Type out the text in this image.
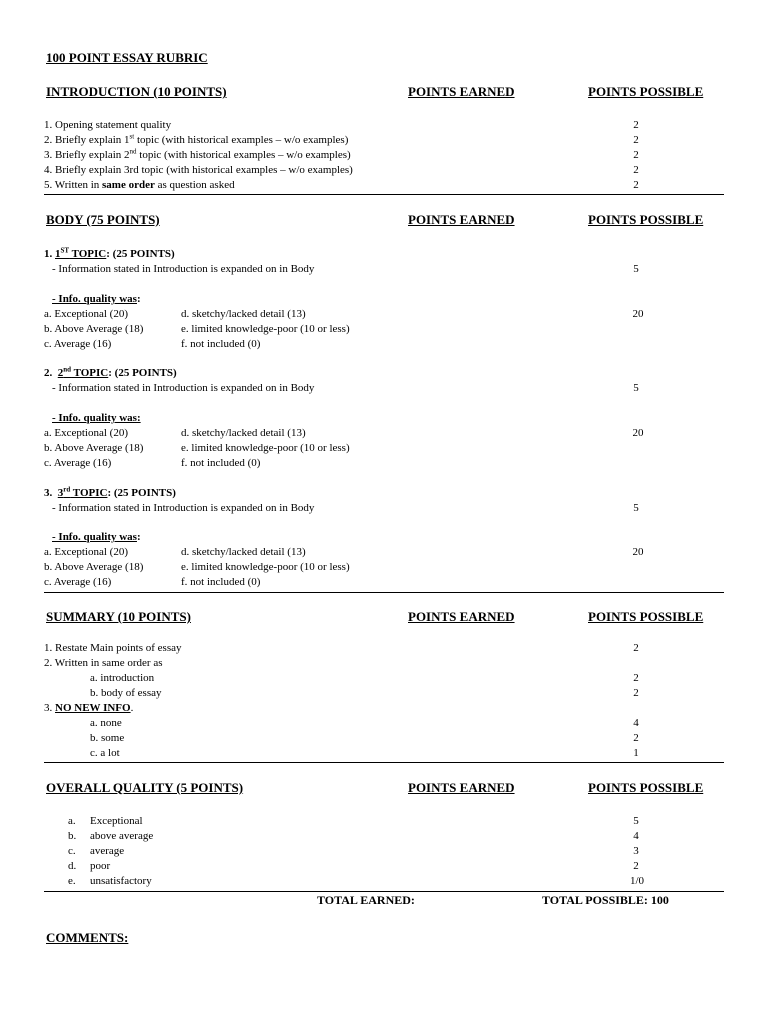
100 POINT ESSAY RUBRIC
INTRODUCTION (10 POINTS)	POINTS EARNED	POINTS POSSIBLE
1. Opening statement quality	2
2. Briefly explain 1st topic (with historical examples – w/o examples)	2
3. Briefly explain 2nd topic (with historical examples – w/o examples)	2
4. Briefly explain 3rd topic (with historical examples – w/o examples)	2
5. Written in same order as question asked	2
BODY (75 POINTS)	POINTS EARNED	POINTS POSSIBLE
1. 1ST TOPIC: (25 POINTS)
- Information stated in Introduction is expanded on in Body	5
- Info. quality was:
a. Exceptional (20)	d. sketchy/lacked detail (13)	20
b. Above Average (18)	e. limited knowledge-poor (10 or less)
c. Average (16)	f. not included (0)
2. 2nd TOPIC: (25 POINTS)
- Information stated in Introduction is expanded on in Body	5
- Info. quality was:
a. Exceptional (20)	d. sketchy/lacked detail (13)	20
b. Above Average (18)	e. limited knowledge-poor (10 or less)
c. Average (16)	f. not included (0)
3. 3rd TOPIC: (25 POINTS)
- Information stated in Introduction is expanded on in Body	5
- Info. quality was:
a. Exceptional (20)	d. sketchy/lacked detail (13)	20
b. Above Average (18)	e. limited knowledge-poor (10 or less)
c. Average (16)	f. not included (0)
SUMMARY (10 POINTS)	POINTS EARNED	POINTS POSSIBLE
1. Restate Main points of essay	2
2. Written in same order as
a. introduction	2
b. body of essay	2
3. NO NEW INFO.
a. none	4
b. some	2
c. a lot	1
OVERALL QUALITY (5 POINTS)	POINTS EARNED	POINTS POSSIBLE
a. Exceptional	5
b. above average	4
c. average	3
d. poor	2
e. unsatisfactory	1/0
TOTAL EARNED:	TOTAL POSSIBLE: 100
COMMENTS:
